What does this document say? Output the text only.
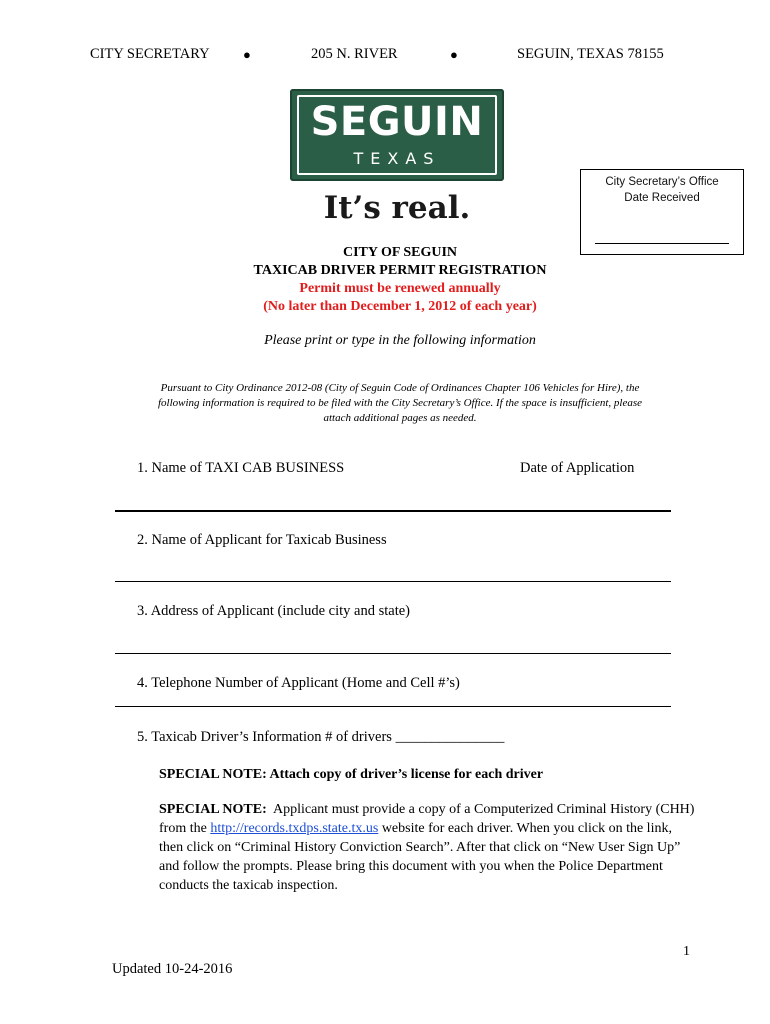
CITY SECRETARY	●	205 N. RIVER	●	SEGUIN, TEXAS 78155
SEGUIN
TEXAS
It’s real.
City Secretary’s Office
Date Received
CITY OF SEGUIN
TAXICAB DRIVER PERMIT REGISTRATION
Permit must be renewed annually
(No later than December 1, 2012 of each year)
Please print or type in the following information
Pursuant to City Ordinance 2012-08 (City of Seguin Code of Ordinances Chapter 106 Vehicles for Hire), the
following information is required to be filed with the City Secretary’s Office. If the space is insufficient, please
attach additional pages as needed.
1. Name of TAXI CAB BUSINESS	Date of Application
2. Name of Applicant for Taxicab Business
3. Address of Applicant (include city and state)
4. Telephone Number of Applicant (Home and Cell #’s)
5. Taxicab Driver’s Information # of drivers _______________
SPECIAL NOTE: Attach copy of driver’s license for each driver
SPECIAL NOTE: Applicant must provide a copy of a Computerized Criminal History (CHH) from the http://records.txdps.state.tx.us website for each driver. When you click on the link, then click on “Criminal History Conviction Search”. After that click on “New User Sign Up” and follow the prompts. Please bring this document with you when the Police Department conducts the taxicab inspection.
1
Updated 10-24-2016
